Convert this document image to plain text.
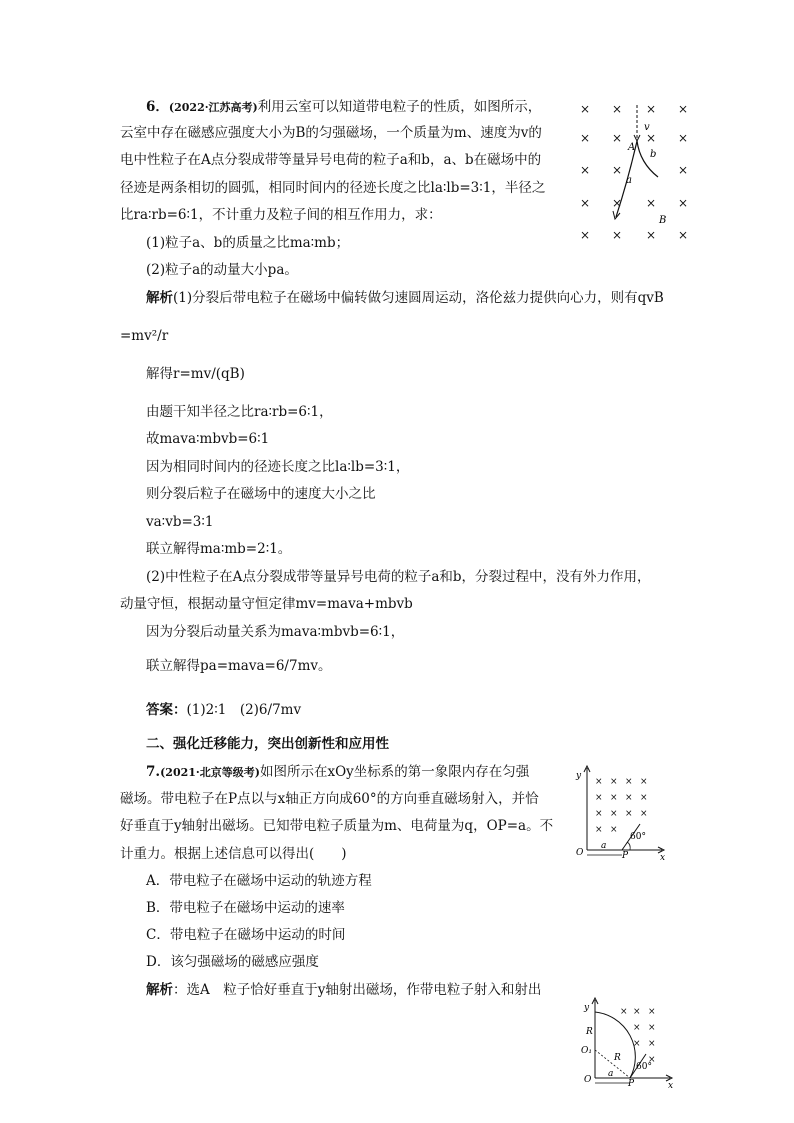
6．(2022·江苏高考)利用云室可以知道带电粒子的性质，如图所示，
云室中存在磁感应强度大小为B的匀强磁场，一个质量为m、速度为v的
电中性粒子在A点分裂成带等量异号电荷的粒子a和b，a、b在磁场中的
径迹是两条相切的圆弧，相同时间内的径迹长度之比la∶lb=3∶1，半径之
比ra∶rb=6∶1，不计重力及粒子间的相互作用力，求：
(1)粒子a、b的质量之比ma∶mb；
(2)粒子a的动量大小pa。
× × × ×
× × × ×
× ×	×
× × × ×
× × × ×
v
A
b
a
B
解析(1)分裂后带电粒子在磁场中偏转做匀速圆周运动，洛伦兹力提供向心力，则有qvB
=mv²/r
解得r=mv/(qB)
由题干知半径之比ra∶rb=6∶1，
故mava∶mbvb=6∶1
因为相同时间内的径迹长度之比la∶lb=3∶1，
则分裂后粒子在磁场中的速度大小之比
va∶vb=3∶1
联立解得ma∶mb=2∶1。
(2)中性粒子在A点分裂成带等量异号电荷的粒子a和b，分裂过程中，没有外力作用，
动量守恒，根据动量守恒定律mv=mava+mbvb
因为分裂后动量关系为mava∶mbvb=6∶1，
联立解得pa=mava=6/7mv。
答案：(1)2∶1　(2)6/7mv
二、强化迁移能力，突出创新性和应用性
7.(2021·北京等级考)如图所示在xOy坐标系的第一象限内存在匀强
磁场。带电粒子在P点以与x轴正方向成60°的方向垂直磁场射入，并恰
好垂直于y轴射出磁场。已知带电粒子质量为m、电荷量为q，OP=a。不
计重力。根据上述信息可以得出(　　)
A．带电粒子在磁场中运动的轨迹方程
B．带电粒子在磁场中运动的速率
C．带电粒子在磁场中运动的时间
D．该匀强磁场的磁感应强度
解析：选A　粒子恰好垂直于y轴射出磁场，作带电粒子射入和射出
× × × ×
× × × ×
× × × ×
× ×
y
x
O
a
P
60°
× × ×
× ×
× ×
×
y
x
O
O₁
R
R
a
P
60°
